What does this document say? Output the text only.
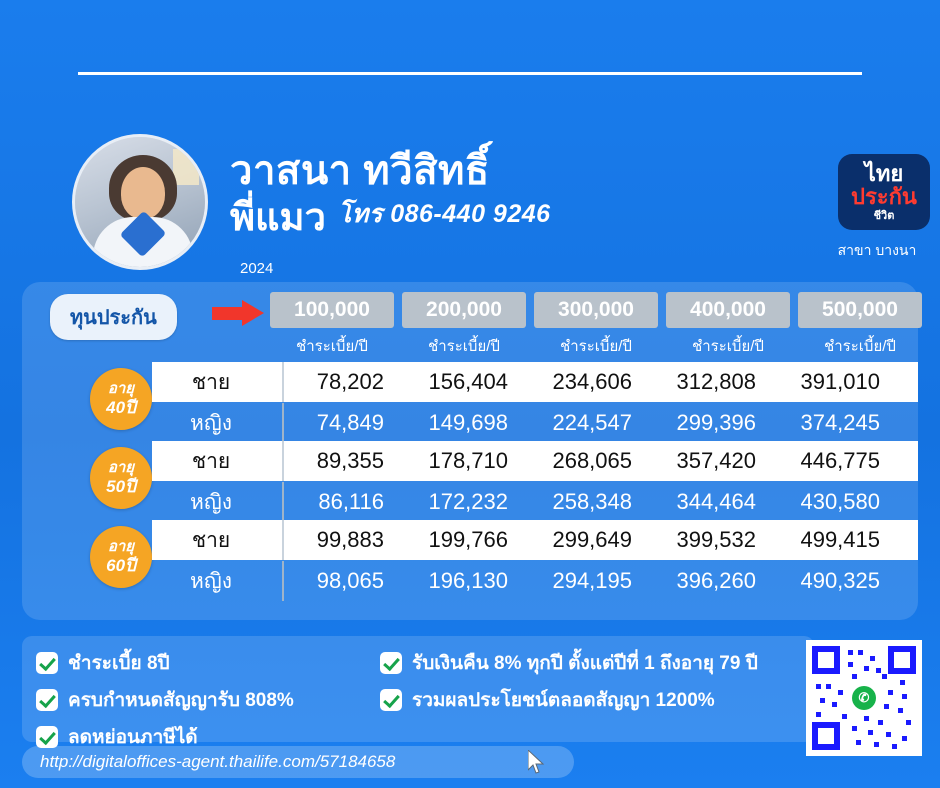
วาสนา ทวีสิทธิ์
พี่แมว โทร 086-440 9246
2024
ไทย
ประกัน
ชีวิต
สาขา บางนา
ทุนประกัน	100,000	200,000	300,000	400,000	500,000
ชำระเบี้ย/ปี	ชำระเบี้ย/ปี	ชำระเบี้ย/ปี	ชำระเบี้ย/ปี	ชำระเบี้ย/ปี
อายุ
40ปี
ชาย	78,202	156,404	234,606	312,808	391,010
หญิง	74,849	149,698	224,547	299,396	374,245
อายุ
50ปี
ชาย	89,355	178,710	268,065	357,420	446,775
หญิง	86,116	172,232	258,348	344,464	430,580
อายุ
60ปี
ชาย	99,883	199,766	299,649	399,532	499,415
หญิง	98,065	196,130	294,195	396,260	490,325
ชำระเบี้ย 8ปี	รับเงินคืน 8% ทุกปี ตั้งแต่ปีที่ 1 ถึงอายุ 79 ปี
ครบกำหนดสัญญารับ 808%	รวมผลประโยชน์ตลอดสัญญา 1200%
ลดหย่อนภาษีได้
http://digitaloffices-agent.thailife.com/57184658
✆
